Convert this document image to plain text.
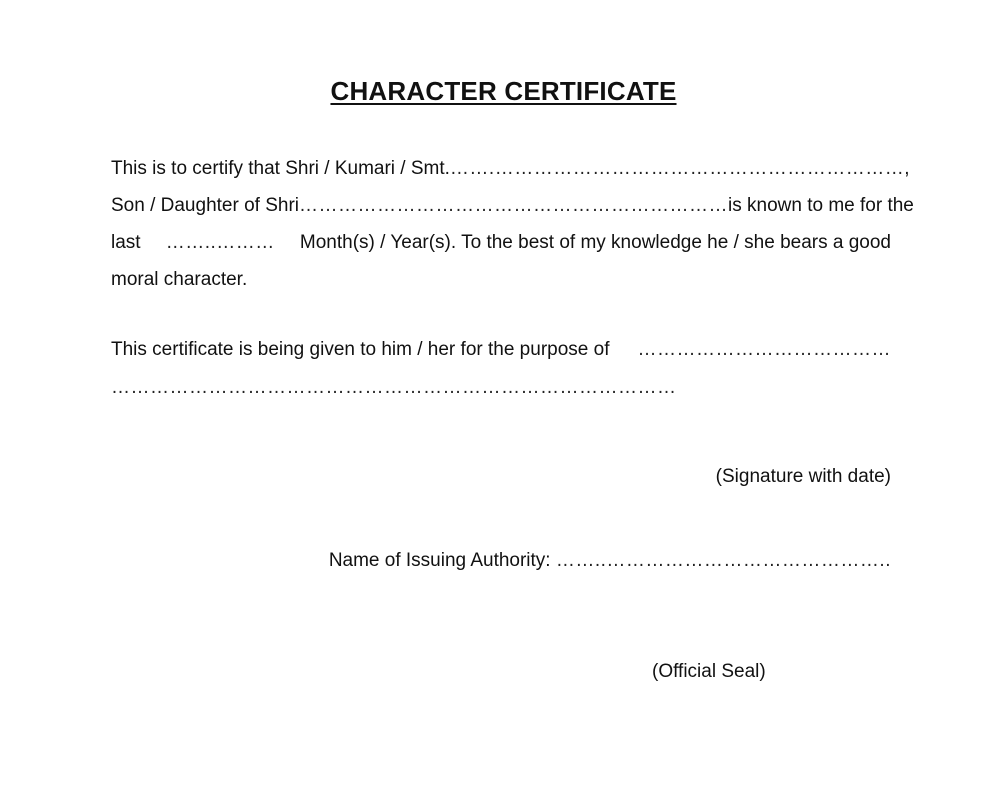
CHARACTER CERTIFICATE
This is to certify that Shri / Kumari / Smt. …….……………………………………………………… ,
Son / Daughter of Shri ………………………………………………………… is known to me for the
last ……..……… Month(s) / Year(s). To the best of my knowledge he / she bears a good
moral character.
This certificate is being given to him / her for the purpose of …………………………………
……………………………………………………………………………
(Signature with date)
Name of Issuing Authority: ……..……………………………………..
(Official Seal)
